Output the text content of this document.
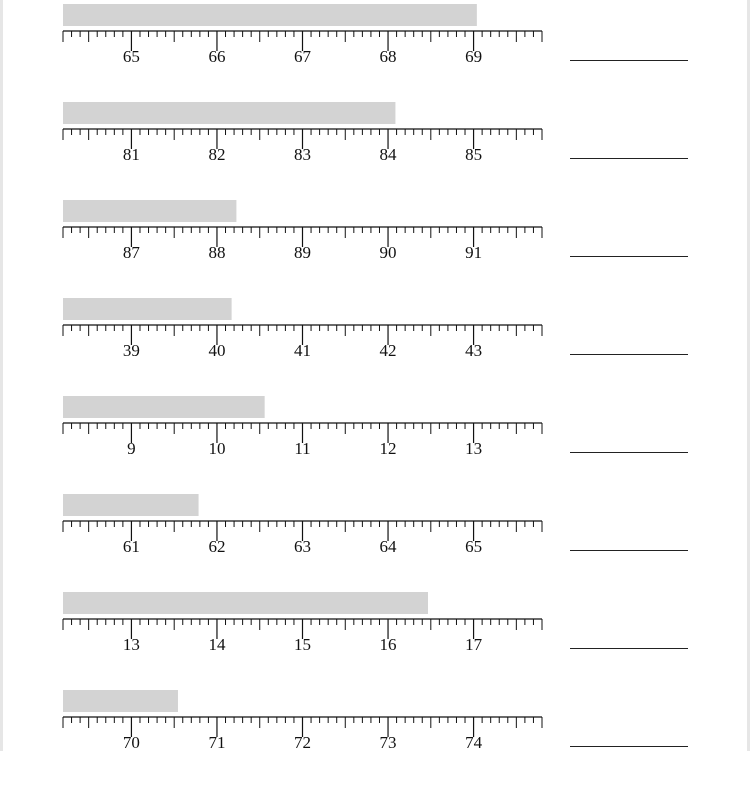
65	66	67	68	69
81	82	83	84	85
87	88	89	90	91
39	40	41	42	43
9	10	11	12	13
61	62	63	64	65
13	14	15	16	17
70	71	72	73	74
